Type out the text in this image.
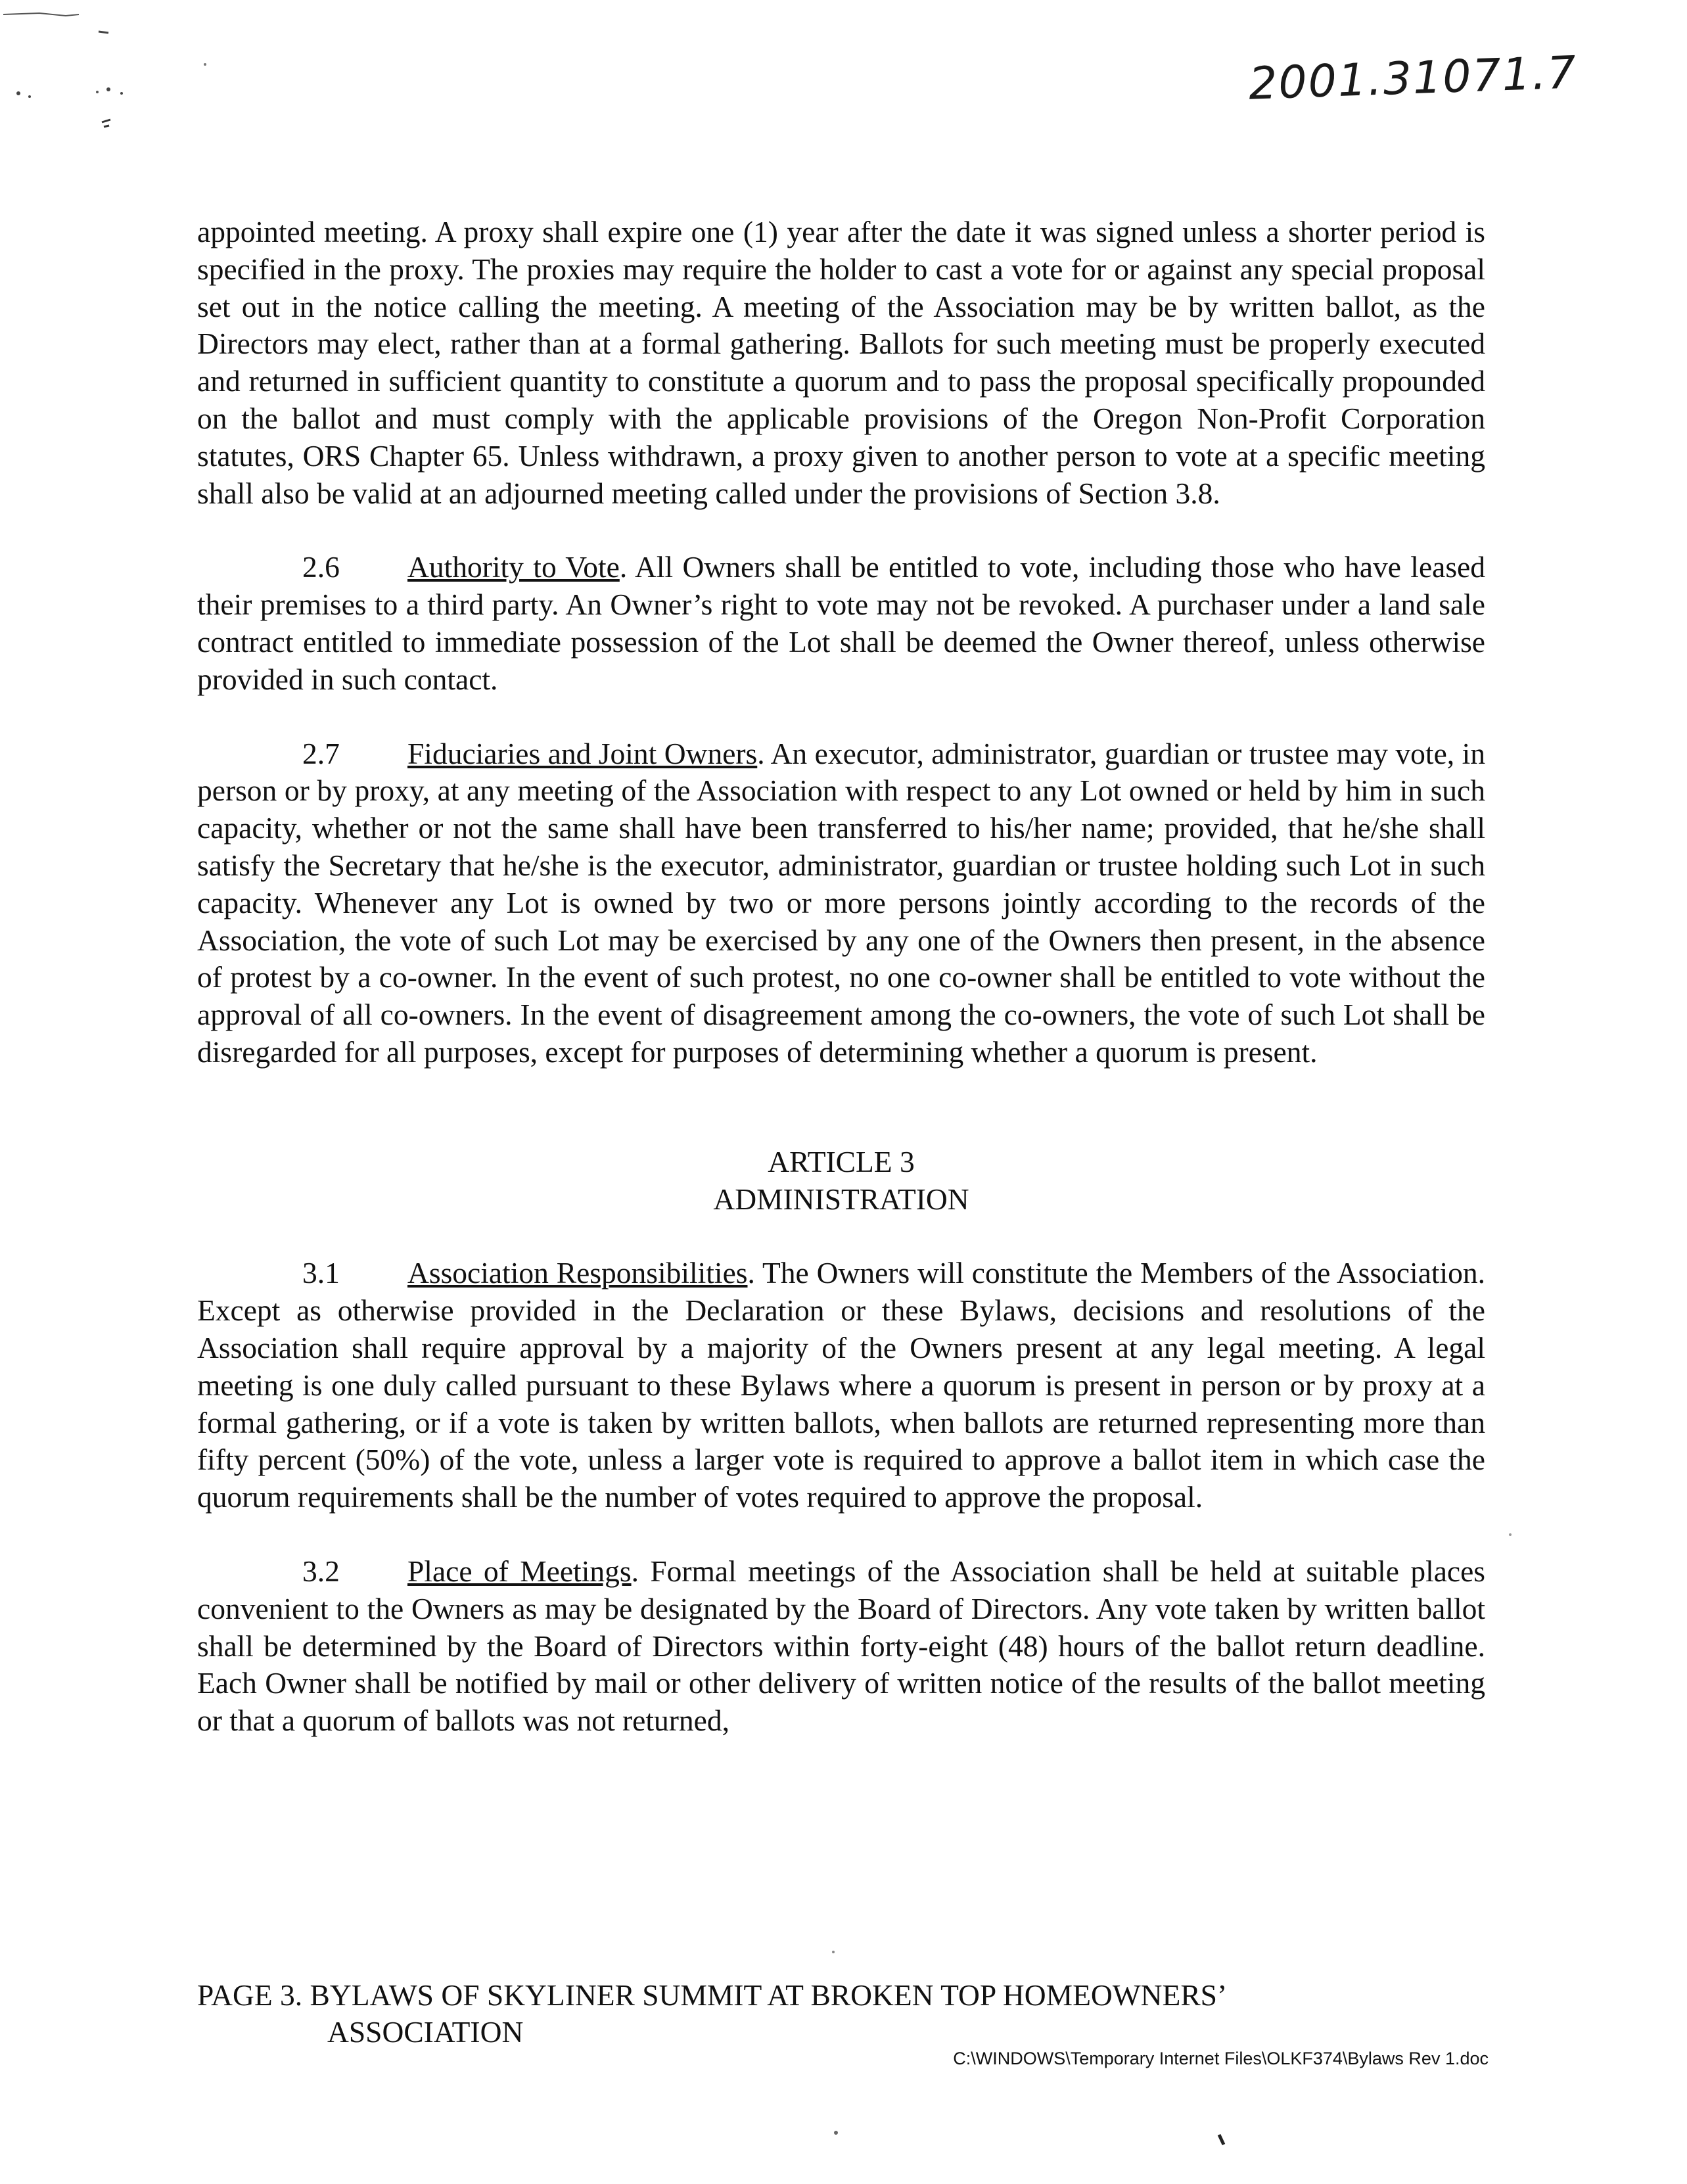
2001.31071.7

appointed meeting. A proxy shall expire one (1) year after the date it was signed unless a shorter period is specified in the proxy. The proxies may require the holder to cast a vote for or against any special proposal set out in the notice calling the meeting. A meeting of the Association may be by written ballot, as the Directors may elect, rather than at a formal gathering. Ballots for such meeting must be properly executed and returned in sufficient quantity to constitute a quorum and to pass the proposal specifically propounded on the ballot and must comply with the applicable provisions of the Oregon Non-Profit Corporation statutes, ORS Chapter 65. Unless withdrawn, a proxy given to another person to vote at a specific meeting shall also be valid at an adjourned meeting called under the provisions of Section 3.8.

2.6 Authority to Vote. All Owners shall be entitled to vote, including those who have leased their premises to a third party. An Owner’s right to vote may not be revoked. A purchaser under a land sale contract entitled to immediate possession of the Lot shall be deemed the Owner thereof, unless otherwise provided in such contact.
2.7 Fiduciaries and Joint Owners. An executor, administrator, guardian or trustee may vote, in person or by proxy, at any meeting of the Association with respect to any Lot owned or held by him in such capacity, whether or not the same shall have been transferred to his/her name; provided, that he/she shall satisfy the Secretary that he/she is the executor, administrator, guardian or trustee holding such Lot in such capacity. Whenever any Lot is owned by two or more persons jointly according to the records of the Association, the vote of such Lot may be exercised by any one of the Owners then present, in the absence of protest by a co-owner. In the event of such protest, no one co-owner shall be entitled to vote without the approval of all co-owners. In the event of disagreement among the co-owners, the vote of such Lot shall be disregarded for all purposes, except for purposes of determining whether a quorum is present.
ARTICLE 3
ADMINISTRATION
3.1 Association Responsibilities. The Owners will constitute the Members of the Association. Except as otherwise provided in the Declaration or these Bylaws, decisions and resolutions of the Association shall require approval by a majority of the Owners present at any legal meeting. A legal meeting is one duly called pursuant to these Bylaws where a quorum is present in person or by proxy at a formal gathering, or if a vote is taken by written ballots, when ballots are returned representing more than fifty percent (50%) of the vote, unless a larger vote is required to approve a ballot item in which case the quorum requirements shall be the number of votes required to approve the proposal.
3.2 Place of Meetings. Formal meetings of the Association shall be held at suitable places convenient to the Owners as may be designated by the Board of Directors. Any vote taken by written ballot shall be determined by the Board of Directors within forty-eight (48) hours of the ballot return deadline. Each Owner shall be notified by mail or other delivery of written notice of the results of the ballot meeting or that a quorum of ballots was not returned,

PAGE 3. BYLAWS OF SKYLINER SUMMIT AT BROKEN TOP HOMEOWNERS’

ASSOCIATION

C:\WINDOWS\Temporary Internet Files\OLKF374\Bylaws Rev 1.doc
